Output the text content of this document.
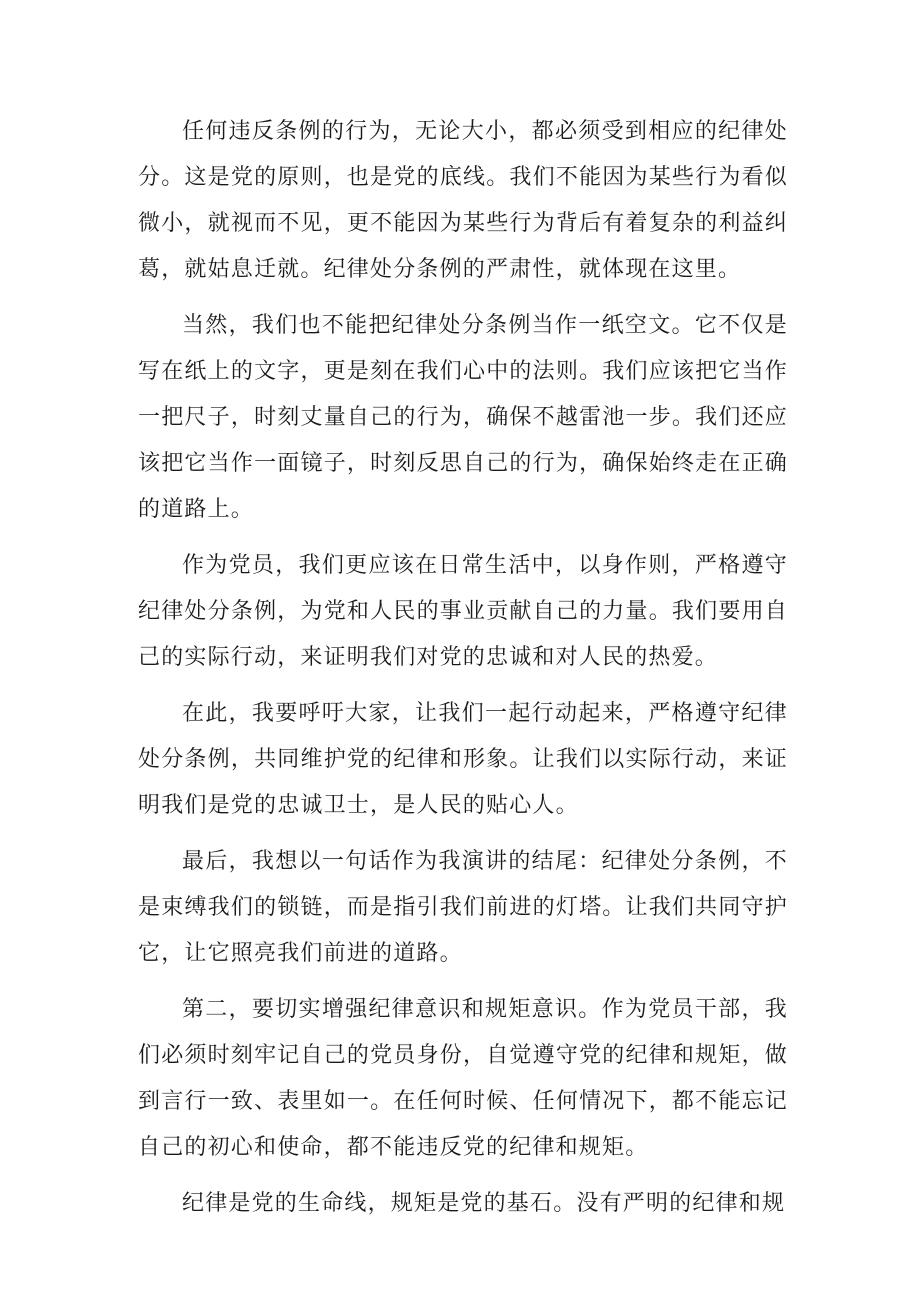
任何违反条例的行为，无论大小，都必须受到相应的纪律处分。这是党的原则，也是党的底线。我们不能因为某些行为看似微小，就视而不见，更不能因为某些行为背后有着复杂的利益纠葛，就姑息迁就。纪律处分条例的严肃性，就体现在这里。

当然，我们也不能把纪律处分条例当作一纸空文。它不仅是写在纸上的文字，更是刻在我们心中的法则。我们应该把它当作一把尺子，时刻丈量自己的行为，确保不越雷池一步。我们还应该把它当作一面镜子，时刻反思自己的行为，确保始终走在正确的道路上。

作为党员，我们更应该在日常生活中，以身作则，严格遵守纪律处分条例，为党和人民的事业贡献自己的力量。我们要用自己的实际行动，来证明我们对党的忠诚和对人民的热爱。

在此，我要呼吁大家，让我们一起行动起来，严格遵守纪律处分条例，共同维护党的纪律和形象。让我们以实际行动，来证明我们是党的忠诚卫士，是人民的贴心人。

最后，我想以一句话作为我演讲的结尾：纪律处分条例，不是束缚我们的锁链，而是指引我们前进的灯塔。让我们共同守护它，让它照亮我们前进的道路。

第二，要切实增强纪律意识和规矩意识。作为党员干部，我们必须时刻牢记自己的党员身份，自觉遵守党的纪律和规矩，做到言行一致、表里如一。在任何时候、任何情况下，都不能忘记自己的初心和使命，都不能违反党的纪律和规矩。

纪律是党的生命线，规矩是党的基石。没有严明的纪律和规
